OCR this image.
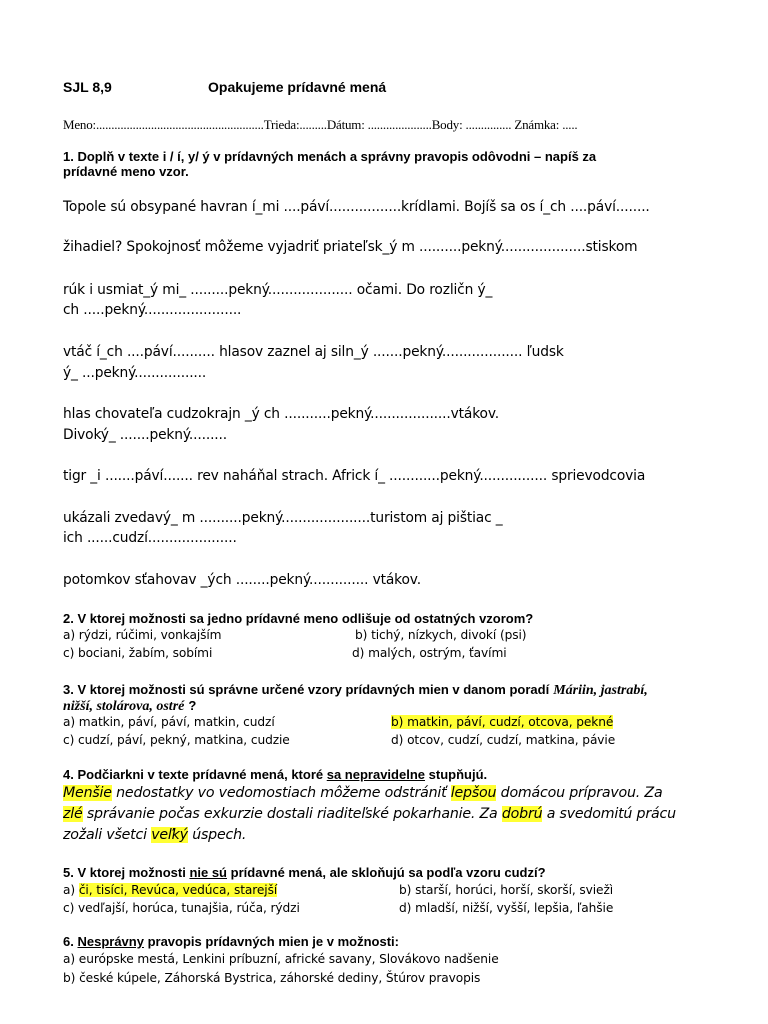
SJL 8,9	Opakujeme prídavné mená
Meno:.......................................................Trieda:.........Dátum: .....................Body: ............... Známka: .....
1. Doplň v texte i / í, y/ ý v prídavných menách a správny pravopis odôvodni – napíš za
prídavné meno vzor.
Topole sú obsypané havran í_mi ....páví.................krídlami. Bojíš sa os í_ch ....páví........
žihadiel? Spokojnosť môžeme vyjadriť priateľsk_ý m ..........pekný....................stiskom
rúk i usmiat_ý mi_ .........pekný.................... očami. Do rozličn ý_
ch .....pekný.......................
vtáč í_ch ....páví.......... hlasov zaznel aj siln_ý .......pekný................... ľudsk
ý_ ...pekný.................
hlas chovateľa cudzokrajn _ý ch ...........pekný...................vtákov.
Divoký_ .......pekný.........
tigr _i .......páví....... rev naháňal strach. Africk í_ ............pekný................ sprievodcovia
ukázali zvedavý_ m ..........pekný.....................turistom aj pištiac _
ich ......cudzí.....................
potomkov sťahovav _ých ........pekný.............. vtákov.
2. V ktorej možnosti sa jedno prídavné meno odlišuje od ostatných vzorom?
a) rýdzi, rúčimi, vonkajším	b) tichý, nízkych, divokí (psi)
c) bociani, žabím, sobími	d) malých, ostrým, ťavími
3. V ktorej možnosti sú správne určené vzory prídavných mien v danom poradí Máriin, jastrabí,
nižší, stolárova, ostré ?
a) matkin, páví, páví, matkin, cudzí	b) matkin, páví, cudzí, otcova, pekné
c) cudzí, páví, pekný, matkina, cudzie	d) otcov, cudzí, cudzí, matkina, pávie
4. Podčiarkni v texte prídavné mená, ktoré sa nepravidelne stupňujú.
Menšie nedostatky vo vedomostiach môžeme odstrániť lepšou domácou prípravou. Za
zlé správanie počas exkurzie dostali riaditeľské pokarhanie. Za dobrú a svedomitú prácu
zožali všetci veľký úspech.
5. V ktorej možnosti nie sú prídavné mená, ale skloňujú sa podľa vzoru cudzí?
a) či, tisíci, Revúca, vedúca, starejší	b) starší, horúci, horší, skorší, sviežì
c) vedľajší, horúca, tunajšia, rúča, rýdzi	d) mladší, nižší, vyšší, lepšia, ľahšie
6. Nesprávny pravopis prídavných mien je v možnosti:
a) európske mestá, Lenkini príbuzní, africké savany, Slovákovo nadšenie
b) české kúpele, Záhorská Bystrica, záhorské dediny, Štúrov pravopis
